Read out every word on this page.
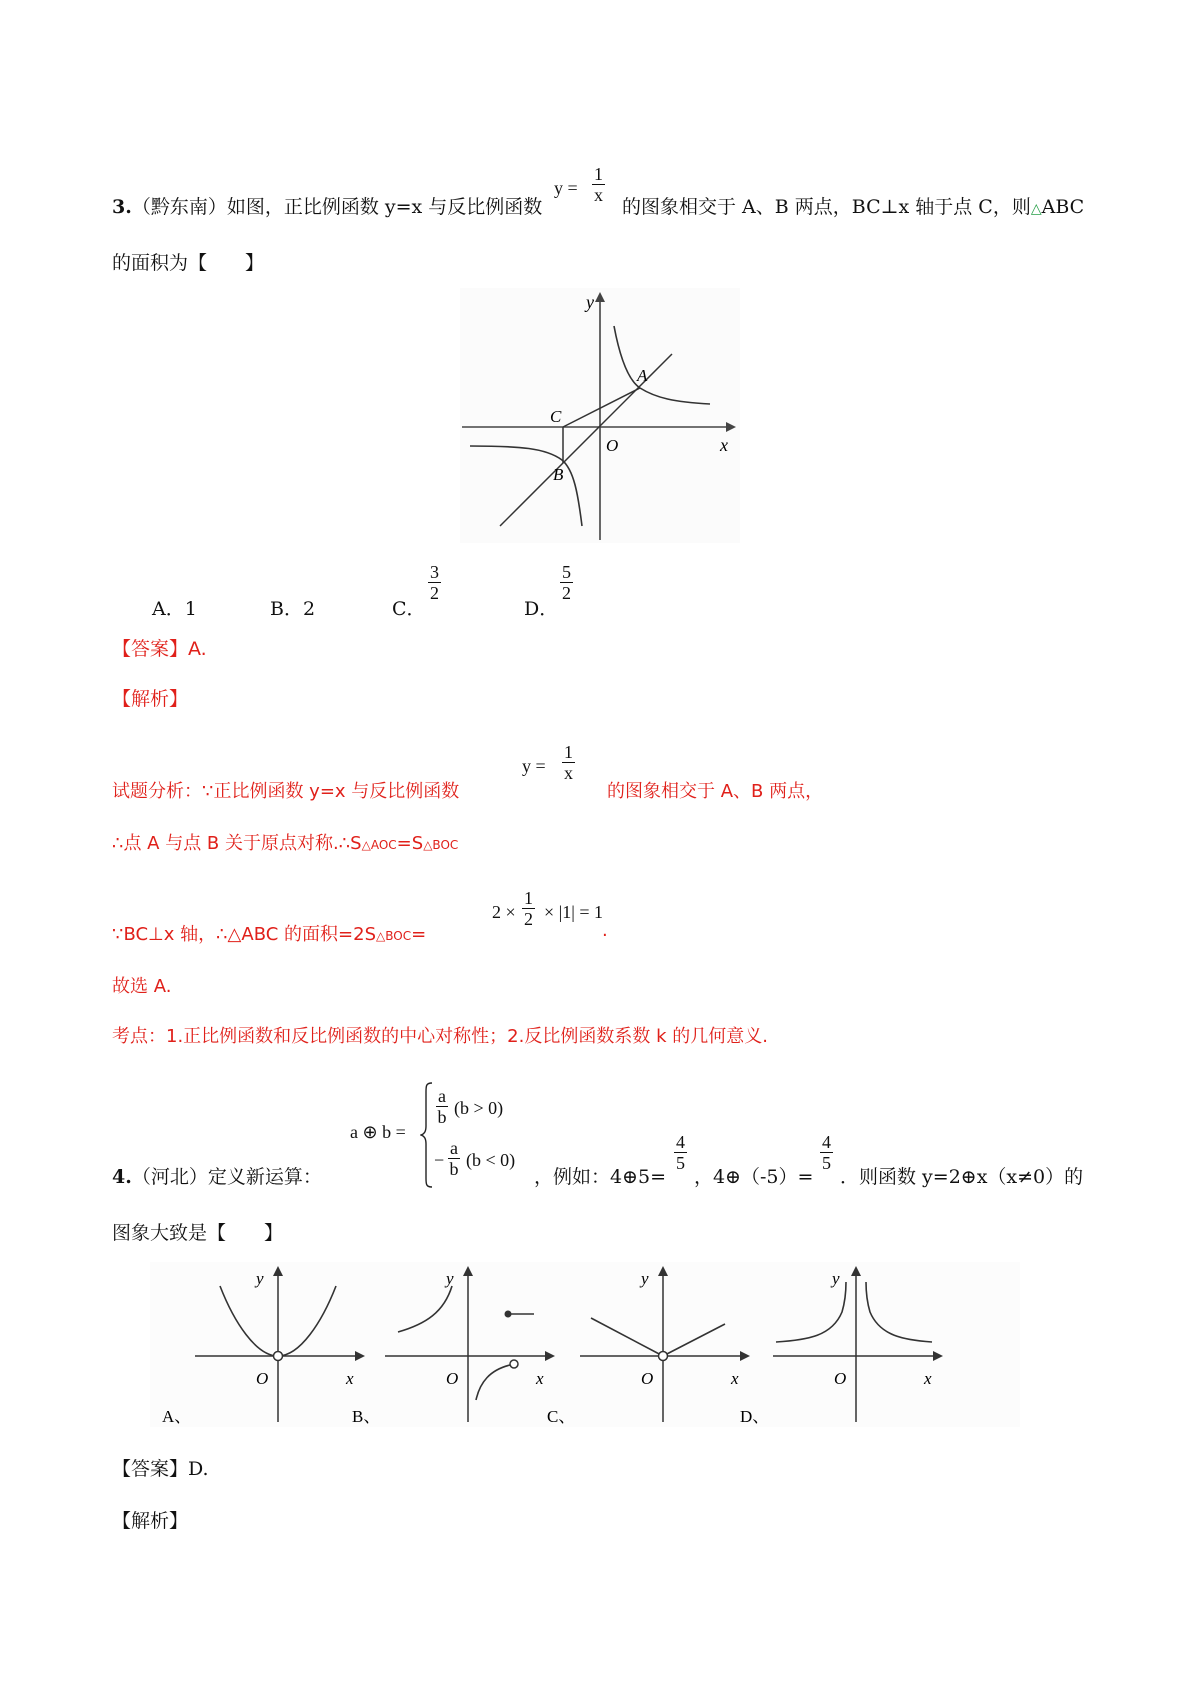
3.（黔东南）如图，正比例函数 y=x 与反比例函数
$y = \frac{1}{x}$
的图象相交于 A、B 两点，BC⊥x 轴于点 C，则△ABC
的面积为【　　】
y
x
O
A
B
C
A．1	B．2	C．
$\frac{3}{2}$
D．
$\frac{5}{2}$
【答案】A.
【解析】
试题分析：∵正比例函数 y=x 与反比例函数
$y = \frac{1}{x}$
的图象相交于 A、B 两点，
∴点 A 与点 B 关于原点对称.∴S△AOC=S△BOC
∵BC⊥x 轴，∴△ABC 的面积=2S△BOC=
$2 \times \frac{1}{2} \times |1| = 1$
.
故选 A.
考点：1.正比例函数和反比例函数的中心对称性；2.反比例函数系数 k 的几何意义.
a ⊕ b =
$\frac{a}{b} (b > 0)$
− $\frac{a}{b} (b < 0)$
4.（河北）定义新运算：	，例如：4⊕5=
$\frac{4}{5}$
，4⊕（-5）=
$\frac{4}{5}$
．则函数 y=2⊕x（x≠0）的
图象大致是【　　】
y
x
O
A、
y
x
O
B、
y
x
O
C、
y
x
O
D、
【答案】D.
【解析】
